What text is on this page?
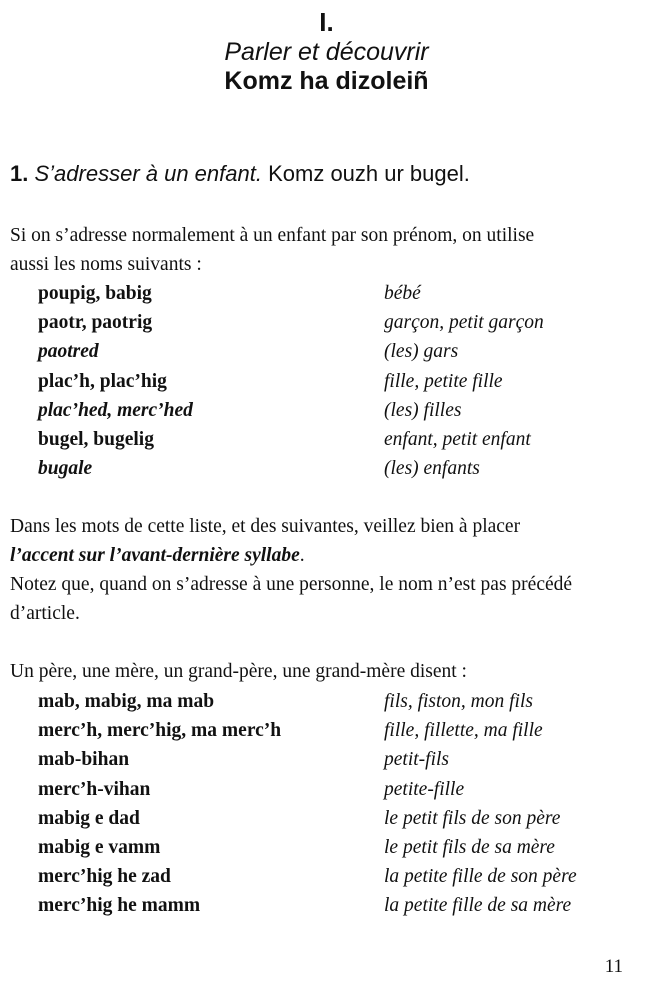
I.
Parler et découvrir
Komz ha dizoleiñ
1. S’adresser à un enfant. Komz ouzh ur bugel.
Si on s’adresse normalement à un enfant par son prénom, on utilise
aussi les noms suivants :
poupig, babig	bébé
paotr, paotrig	garçon, petit garçon
paotred	(les) gars
plac’h, plac’hig	fille, petite fille
plac’hed, merc’hed	(les) filles
bugel, bugelig	enfant, petit enfant
bugale	(les) enfants
Dans les mots de cette liste, et des suivantes, veillez bien à placer
l’accent sur l’avant-dernière syllabe.
Notez que, quand on s’adresse à une personne, le nom n’est pas précédé
d’article.
Un père, une mère, un grand-père, une grand-mère disent :
mab, mabig, ma mab	fils, fiston, mon fils
merc’h, merc’hig, ma merc’h	fille, fillette, ma fille
mab-bihan	petit-fils
merc’h-vihan	petite-fille
mabig e dad	le petit fils de son père
mabig e vamm	le petit fils de sa mère
merc’hig he zad	la petite fille de son père
merc’hig he mamm	la petite fille de sa mère
11
